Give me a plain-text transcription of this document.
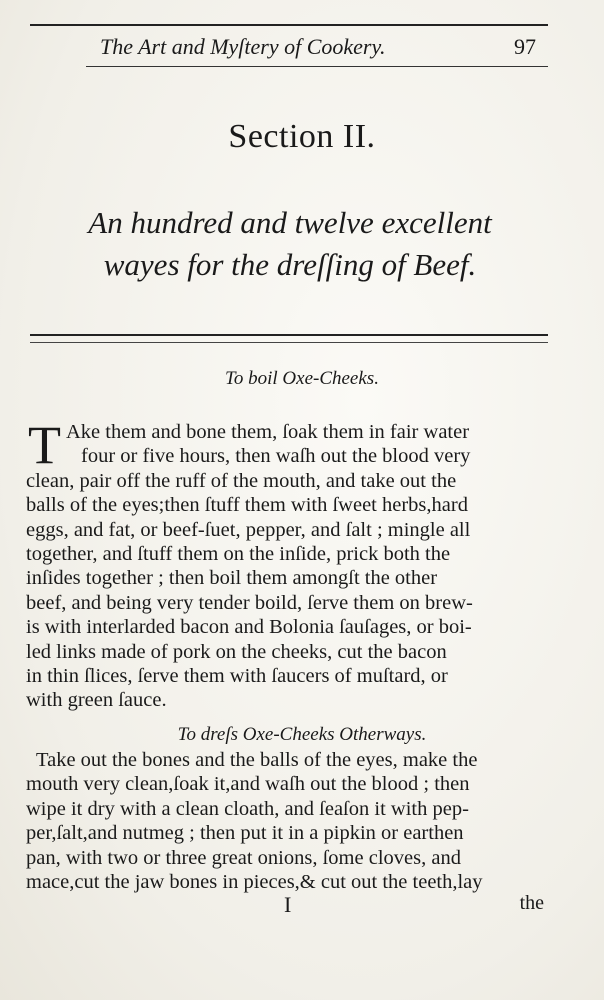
The Art and Myſtery of Cookery.	97
Section II.
An hundred and twelve excellent
wayes for the dreſſing of Beef.
To boil Oxe-Cheeks.
T Ake them and bone them, ſoak them in fair water
four or five hours, then waſh out the blood very
clean, pair off the ruff of the mouth, and take out the
balls of the eyes;then ſtuff them with ſweet herbs,hard
eggs, and fat, or beef-ſuet, pepper, and ſalt ; mingle all
together, and ſtuff them on the inſide, prick both the
inſides together ; then boil them amongſt the other
beef, and being very tender boild, ſerve them on brew-
is with interlarded bacon and Bolonia ſauſages, or boi-
led links made of pork on the cheeks, cut the bacon
in thin ſlices, ſerve them with ſaucers of muſtard, or
with green ſauce.
To dreſs Oxe-Cheeks Otherways.
Take out the bones and the balls of the eyes, make the
mouth very clean,ſoak it,and waſh out the blood ; then
wipe it dry with a clean cloath, and ſeaſon it with pep-
per,ſalt,and nutmeg ; then put it in a pipkin or earthen
pan, with two or three great onions, ſome cloves, and
mace,cut the jaw bones in pieces,& cut out the teeth,lay
I	the
